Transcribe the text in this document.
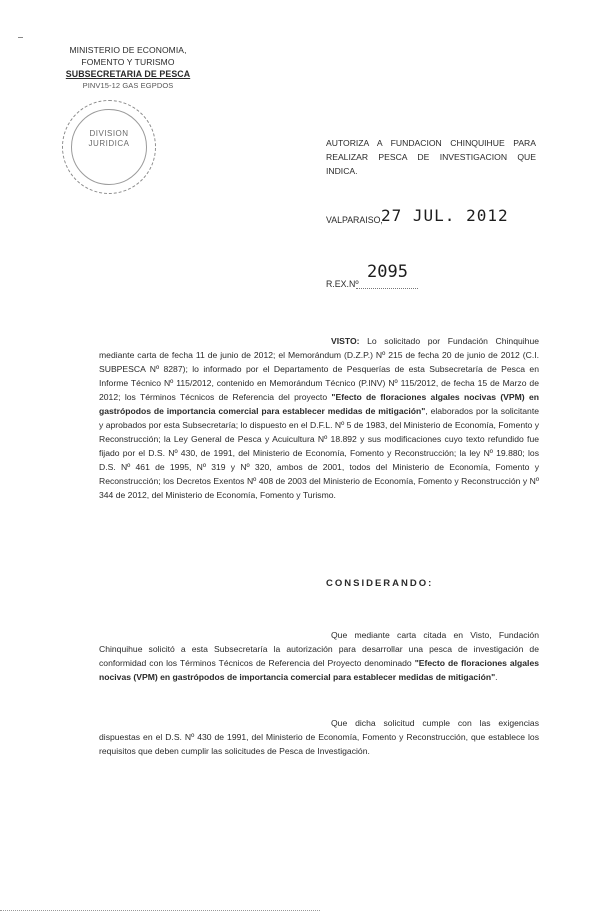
MINISTERIO DE ECONOMIA,
FOMENTO Y TURISMO
SUBSECRETARIA DE PESCA
PINV15-12 GAS EGPDOS
DIVISION
JURIDICA	AUTORIZA A FUNDACION CHINQUIHUE PARA REALIZAR PESCA DE INVESTIGACION QUE INDICA.
VALPARAISO,
27 JUL. 2012
R.EX.Nº
2095
VISTO: Lo solicitado por Fundación Chinquihue mediante carta de fecha 11 de junio de 2012; el Memorándum (D.Z.P.) Nº 215 de fecha 20 de junio de 2012 (C.I. SUBPESCA Nº 8287); lo informado por el Departamento de Pesquerías de esta Subsecretaría de Pesca en Informe Técnico Nº 115/2012, contenido en Memorándum Técnico (P.INV) Nº 115/2012, de fecha 15 de Marzo de 2012; los Términos Técnicos de Referencia del proyecto "Efecto de floraciones algales nocivas (VPM) en gastrópodos de importancia comercial para establecer medidas de mitigación", elaborados por la solicitante y aprobados por esta Subsecretaría; lo dispuesto en el D.F.L. Nº 5 de 1983, del Ministerio de Economía, Fomento y Reconstrucción; la Ley General de Pesca y Acuicultura Nº 18.892 y sus modificaciones cuyo texto refundido fue fijado por el D.S. Nº 430, de 1991, del Ministerio de Economía, Fomento y Reconstrucción; la ley Nº 19.880; los D.S. Nº 461 de 1995, Nº 319 y Nº 320, ambos de 2001, todos del Ministerio de Economía, Fomento y Reconstrucción; los Decretos Exentos Nº 408 de 2003 del Ministerio de Economía, Fomento y Reconstrucción y Nº 344 de 2012, del Ministerio de Economía, Fomento y Turismo.
CONSIDERANDO:
Que mediante carta citada en Visto, Fundación Chinquihue solicitó a esta Subsecretaría la autorización para desarrollar una pesca de investigación de conformidad con los Términos Técnicos de Referencia del Proyecto denominado "Efecto de floraciones algales nocivas (VPM) en gastrópodos de importancia comercial para establecer medidas de mitigación".
Que dicha solicitud cumple con las exigencias dispuestas en el D.S. Nº 430 de 1991, del Ministerio de Economía, Fomento y Reconstrucción, que establece los requisitos que deben cumplir las solicitudes de Pesca de Investigación.
